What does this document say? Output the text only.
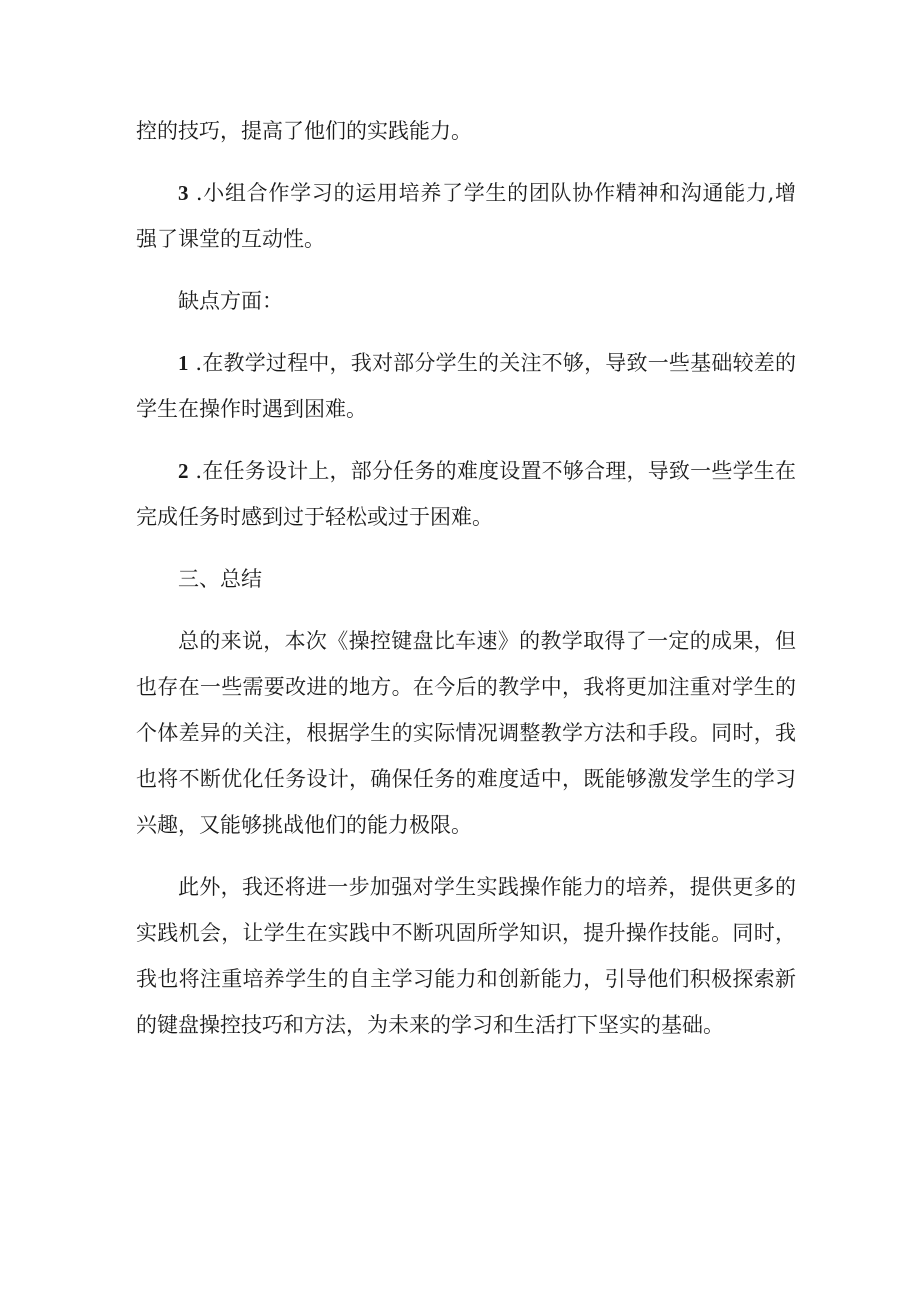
控的技巧，提高了他们的实践能力。

3 .小组合作学习的运用培养了学生的团队协作精神和沟通能力,增强了课堂的互动性。

缺点方面：

1 .在教学过程中，我对部分学生的关注不够，导致一些基础较差的学生在操作时遇到困难。

2 .在任务设计上，部分任务的难度设置不够合理，导致一些学生在完成任务时感到过于轻松或过于困难。

三、总结

总的来说，本次《操控键盘比车速》的教学取得了一定的成果，但也存在一些需要改进的地方。在今后的教学中，我将更加注重对学生的个体差异的关注，根据学生的实际情况调整教学方法和手段。同时，我也将不断优化任务设计，确保任务的难度适中，既能够激发学生的学习兴趣，又能够挑战他们的能力极限。

此外，我还将进一步加强对学生实践操作能力的培养，提供更多的实践机会，让学生在实践中不断巩固所学知识，提升操作技能。同时，我也将注重培养学生的自主学习能力和创新能力，引导他们积极探索新的键盘操控技巧和方法，为未来的学习和生活打下坚实的基础。
